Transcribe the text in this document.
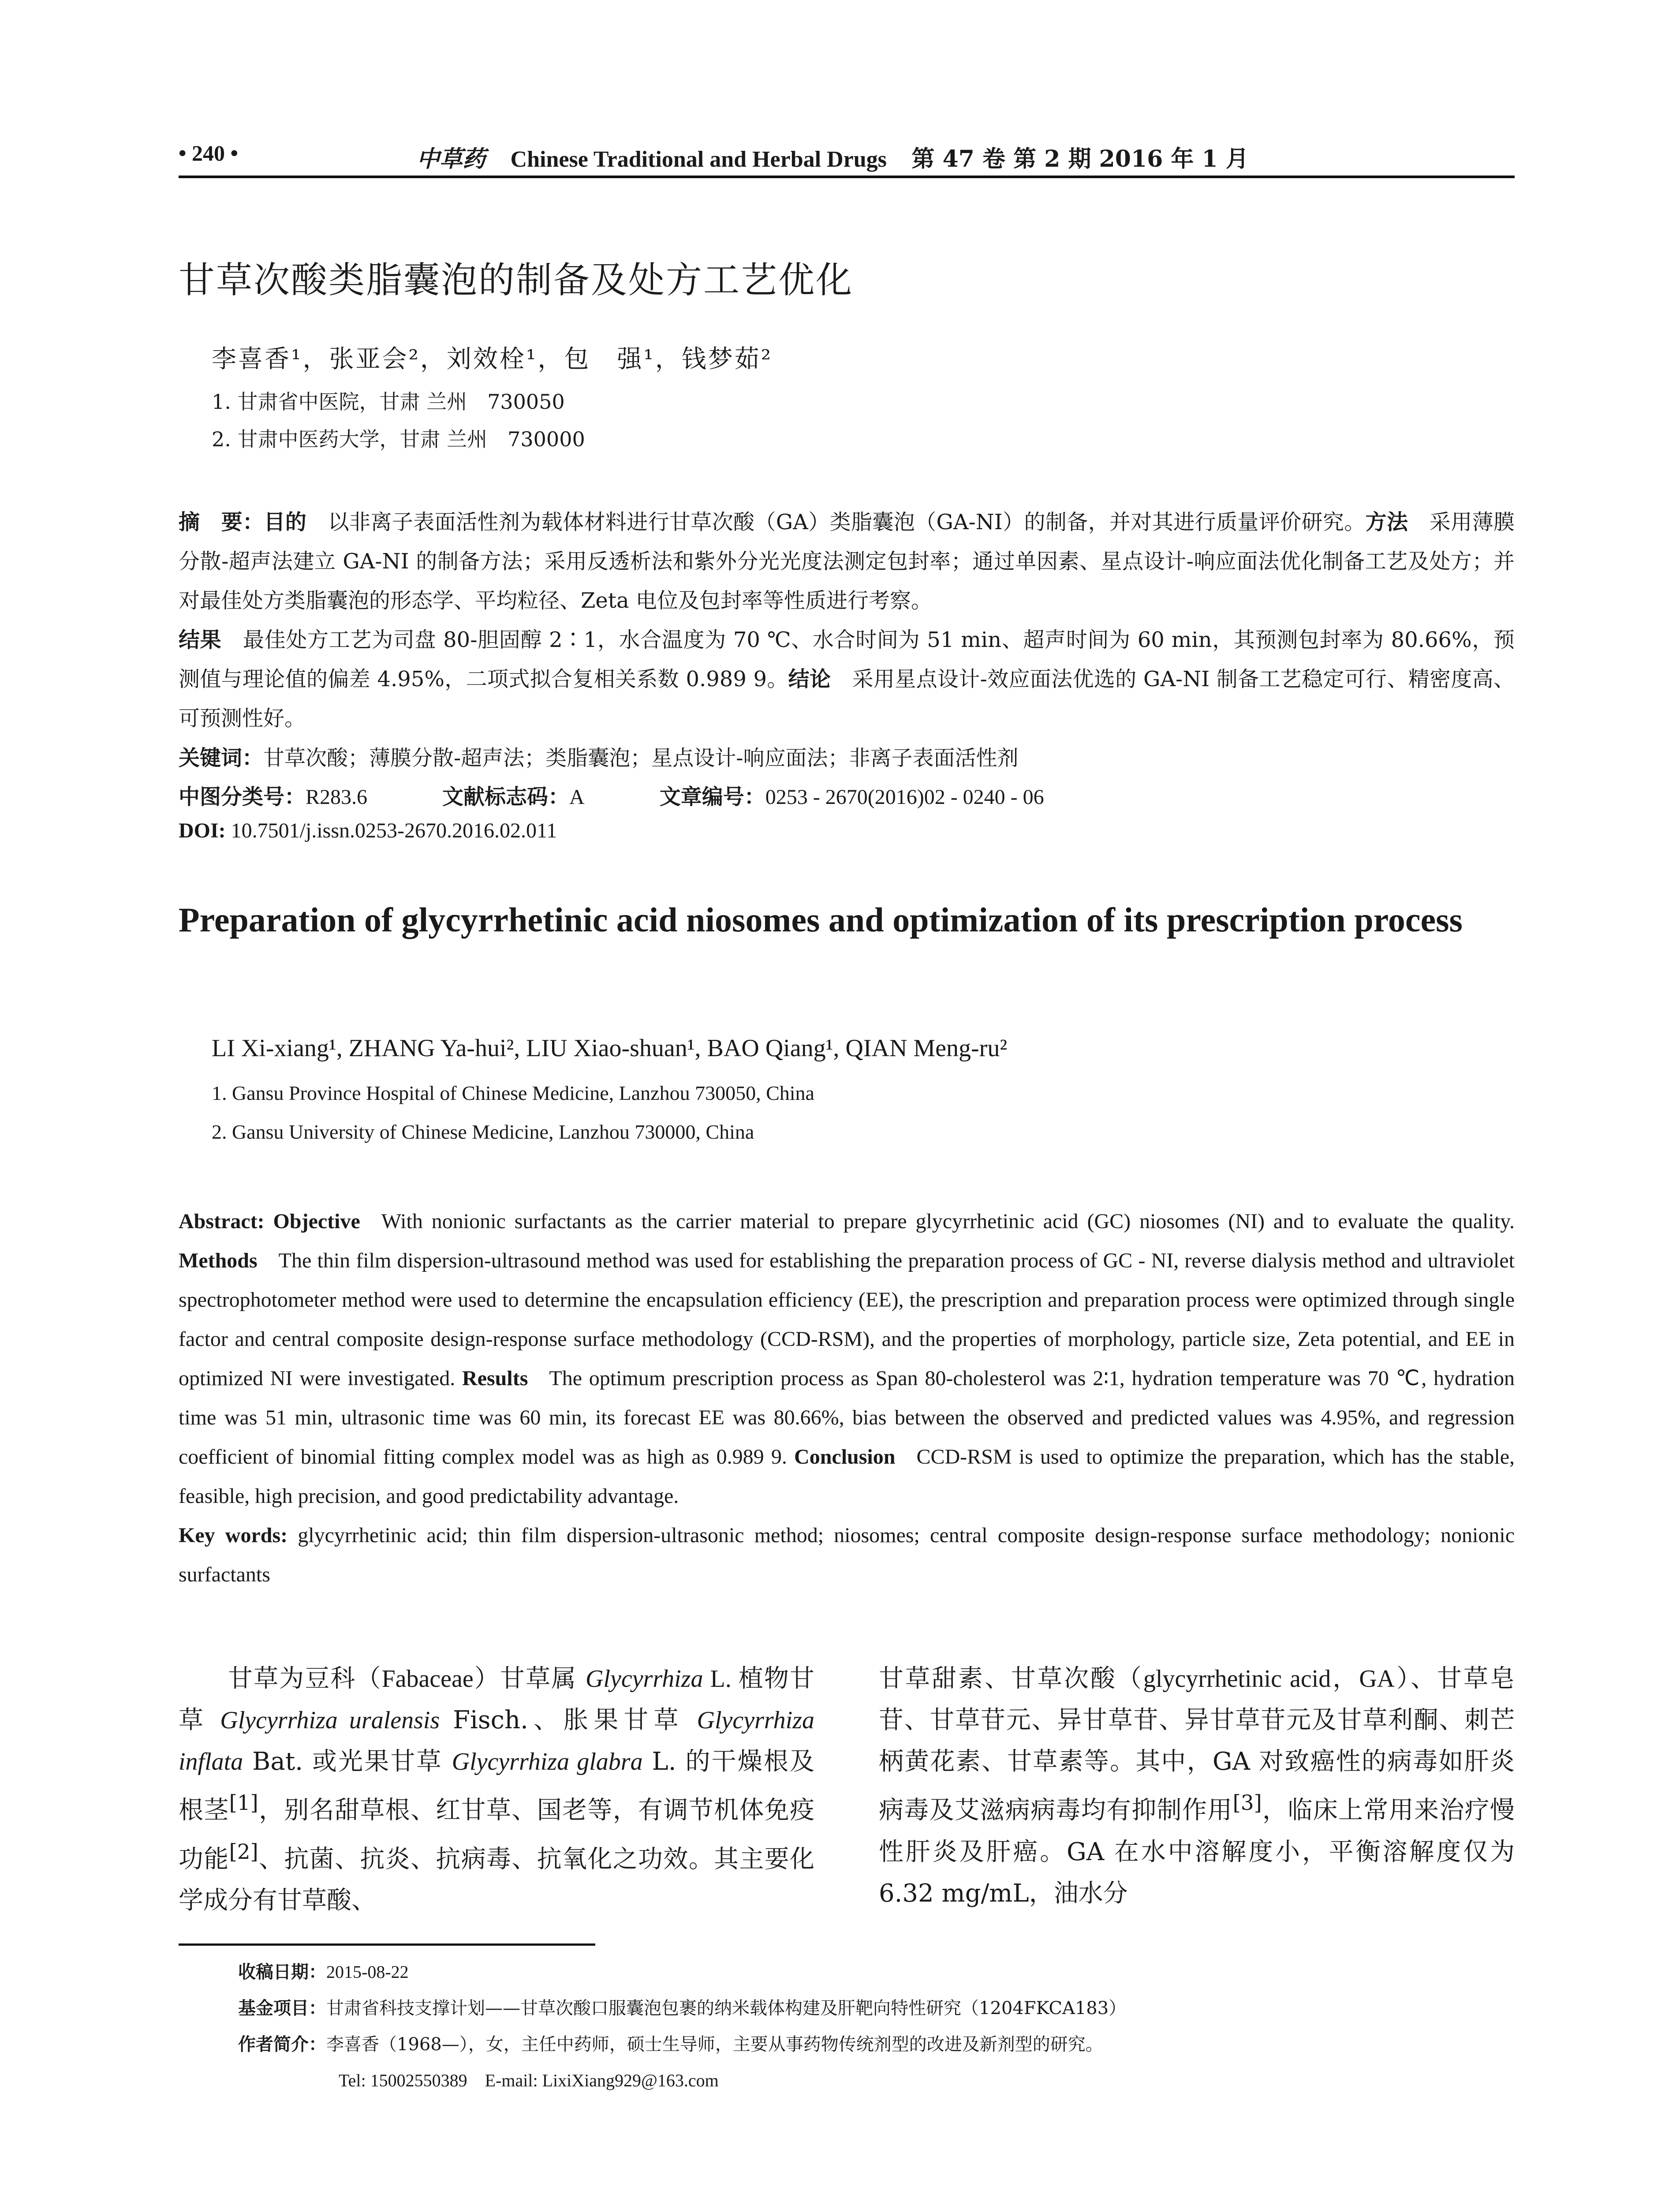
• 240 •	中草药 Chinese Traditional and Herbal Drugs 第 47 卷 第 2 期 2016 年 1 月
甘草次酸类脂囊泡的制备及处方工艺优化
李喜香¹，张亚会²，刘效栓¹，包　强¹，钱梦茹²
1. 甘肃省中医院，甘肃 兰州　730050
2. 甘肃中医药大学，甘肃 兰州　730000
摘　要：目的　以非离子表面活性剂为载体材料进行甘草次酸（GA）类脂囊泡（GA-NI）的制备，并对其进行质量评价研究。方法　采用薄膜分散-超声法建立 GA-NI 的制备方法；采用反透析法和紫外分光光度法测定包封率；通过单因素、星点设计-响应面法优化制备工艺及处方；并对最佳处方类脂囊泡的形态学、平均粒径、Zeta 电位及包封率等性质进行考察。
结果　最佳处方工艺为司盘 80-胆固醇 2∶1，水合温度为 70 ℃、水合时间为 51 min、超声时间为 60 min，其预测包封率为 80.66%，预测值与理论值的偏差 4.95%，二项式拟合复相关系数 0.989 9。结论　采用星点设计-效应面法优选的 GA-NI 制备工艺稳定可行、精密度高、可预测性好。
关键词：甘草次酸；薄膜分散-超声法；类脂囊泡；星点设计-响应面法；非离子表面活性剂
中图分类号：R283.6	文献标志码：A	文章编号：0253 - 2670(2016)02 - 0240 - 06
DOI: 10.7501/j.issn.0253-2670.2016.02.011
Preparation of glycyrrhetinic acid niosomes and optimization of its prescription process
LI Xi-xiang¹, ZHANG Ya-hui², LIU Xiao-shuan¹, BAO Qiang¹, QIAN Meng-ru²
1. Gansu Province Hospital of Chinese Medicine, Lanzhou 730050, China
2. Gansu University of Chinese Medicine, Lanzhou 730000, China
Abstract: Objective  With nonionic surfactants as the carrier material to prepare glycyrrhetinic acid (GC) niosomes (NI) and to evaluate the quality. Methods  The thin film dispersion-ultrasound method was used for establishing the preparation process of GC - NI, reverse dialysis method and ultraviolet spectrophotometer method were used to determine the encapsulation efficiency (EE), the prescription and preparation process were optimized through single factor and central composite design-response surface methodology (CCD-RSM), and the properties of morphology, particle size, Zeta potential, and EE in optimized NI were investigated. Results  The optimum prescription process as Span 80-cholesterol was 2∶1, hydration temperature was 70 ℃, hydration time was 51 min, ultrasonic time was 60 min, its forecast EE was 80.66%, bias between the observed and predicted values was 4.95%, and regression coefficient of binomial fitting complex model was as high as 0.989 9. Conclusion  CCD-RSM is used to optimize the preparation, which has the stable, feasible, high precision, and good predictability advantage.
Key words: glycyrrhetinic acid; thin film dispersion-ultrasonic method; niosomes; central composite design-response surface methodology; nonionic surfactants
甘草为豆科（Fabaceae）甘草属 Glycyrrhiza L. 植物甘草 Glycyrrhiza uralensis Fisch.、胀果甘草 Glycyrrhiza inflata Bat. 或光果甘草 Glycyrrhiza glabra L. 的干燥根及根茎[1]，别名甜草根、红甘草、国老等，有调节机体免疫功能[2]、抗菌、抗炎、抗病毒、抗氧化之功效。其主要化学成分有甘草酸、
甘草甜素、甘草次酸（glycyrrhetinic acid，GA）、甘草皂苷、甘草苷元、异甘草苷、异甘草苷元及甘草利酮、刺芒柄黄花素、甘草素等。其中，GA 对致癌性的病毒如肝炎病毒及艾滋病病毒均有抑制作用[3]，临床上常用来治疗慢性肝炎及肝癌。GA 在水中溶解度小，平衡溶解度仅为 6.32 mg/mL，油水分
收稿日期：2015-08-22
基金项目：甘肃省科技支撑计划——甘草次酸口服囊泡包裹的纳米载体构建及肝靶向特性研究（1204FKCA183）
作者简介：李喜香（1968—），女，主任中药师，硕士生导师，主要从事药物传统剂型的改进及新剂型的研究。
Tel: 15002550389　E-mail: LixiXiang929@163.com
